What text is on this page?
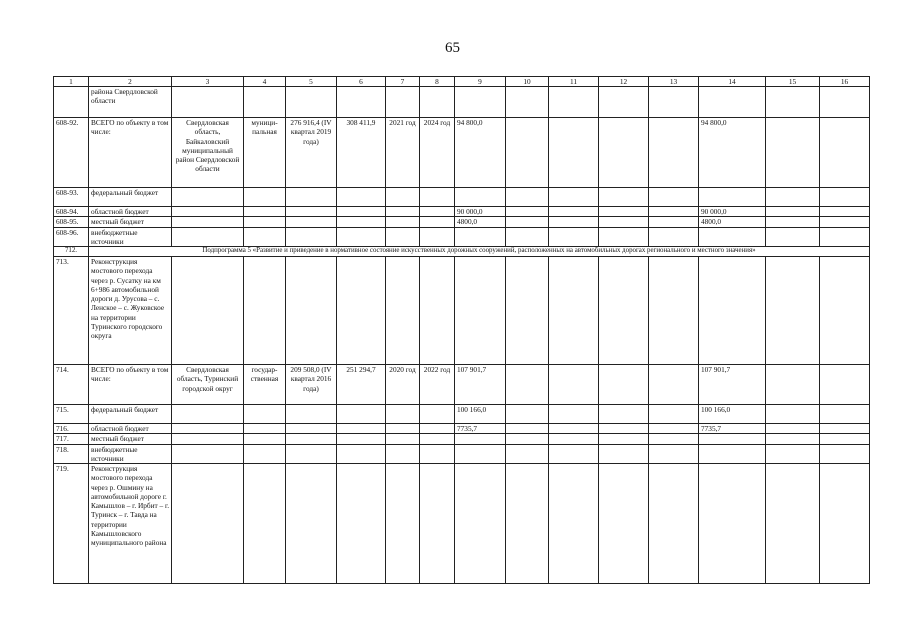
65
1	2	3	4	5	6	7	8	9	10	11	12	13	14	15	16
	района Свердловской области														
608-92.	ВСЕГО по объекту в том числе:	Свердловская область, Байкаловский муниципальный район Свердловской области	муници-пальная	276 916,4 (IV квартал 2019 года)	308 411,9	2021 год	2024 год	94 800,0					94 800,0		
608-93.	федеральный бюджет														
608-94.	областной бюджет							90 000,0					90 000,0		
608-95.	местный бюджет							4800,0					4800,0		
608-96.	внебюджетные источники														
712.	Подпрограмма 5 «Развитие и приведение в нормативное состояние искусственных дорожных сооружений, расположенных на автомобильных дорогах регионального и местного значения»														
713.	Реконструкция мостового перехода через р. Сусатку на км 6+986 автомобильной дороги д. Урусова – с. Ленское – с. Жуковское на территории Туринского городского округа														
714.	ВСЕГО по объекту в том числе:	Свердловская область, Туринский городской округ	государ-ственная	209 508,0 (IV квартал 2016 года)	251 294,7	2020 год	2022 год	107 901,7					107 901,7		
715.	федеральный бюджет							100 166,0					100 166,0		
716.	областной бюджет							7735,7					7735,7		
717.	местный бюджет														
718.	внебюджетные источники														
719.	Реконструкция мостового перехода через р. Ошмину на автомобильной дороге г. Камышлов – г. Ирбит – г. Туринск – г. Тавда на территории Камышловского муниципального района														
